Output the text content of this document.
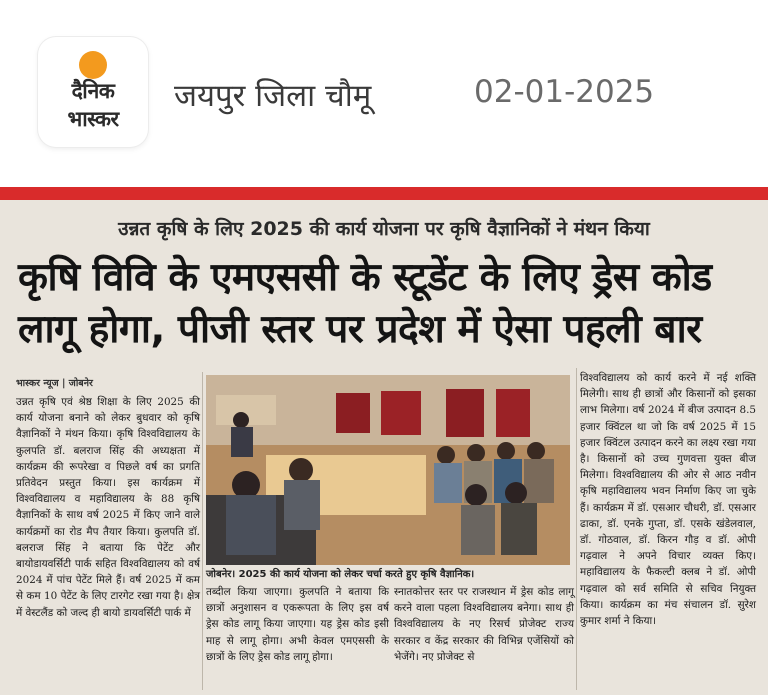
दैनिक
भास्कर
जयपुर जिला चौमू	02-01-2025
उन्नत कृषि के लिए 2025 की कार्य योजना पर कृषि वैज्ञानिकों ने मंथन किया
कृषि विवि के एमएससी के स्टूडेंट के लिए ड्रेस कोड
लागू होगा, पीजी स्तर पर प्रदेश में ऐसा पहली बार
भास्कर न्यूज | जोबनेर
उन्नत कृषि एवं श्रेष्ठ शिक्षा के लिए 2025 की कार्य योजना बनाने को लेकर बुधवार को कृषि वैज्ञानिकों ने मंथन किया। कृषि विश्वविद्यालय के कुलपति डॉ. बलराज सिंह की अध्यक्षता में कार्यक्रम की रूपरेखा व पिछले वर्ष का प्रगति प्रतिवेदन प्रस्तुत किया। इस कार्यक्रम में विश्वविद्यालय व महाविद्यालय के 88 कृषि वैज्ञानिकों के साथ वर्ष 2025 में किए जाने वाले कार्यक्रमों का रोड मैप तैयार किया। कुलपति डॉ. बलराज सिंह ने बताया कि पेटेंट और बायोडायवर्सिटी पार्क सहित विश्वविद्यालय को वर्ष 2024 में पांच पेटेंट मिले हैं। वर्ष 2025 में कम से कम 10 पेटेंट के लिए टारगेट रखा गया है। क्षेत्र में वेस्टलैंड को जल्द ही बायो डायवर्सिटी पार्क में
जोबनेर। 2025 की कार्य योजना को लेकर चर्चा करते हुए कृषि वैज्ञानिक।
तब्दील किया जाएगा। कुलपति ने बताया कि छात्रों अनुशासन व एकरूपता के लिए इस वर्ष ड्रेस कोड लागू किया जाएगा। यह ड्रेस कोड इसी माह से लागू होगा। अभी केवल एमएससी के छात्रों के लिए ड्रेस कोड लागू होगा।
स्नातकोत्तर स्तर पर राजस्थान में ड्रेस कोड लागू करने वाला पहला विश्वविद्यालय बनेगा। साथ ही विश्वविद्यालय के नए रिसर्च प्रोजेक्ट राज्य सरकार व केंद्र सरकार की विभिन्न एजेंसियों को भेजेंगे। नए प्रोजेक्ट से
विश्वविद्यालय को कार्य करने में नई शक्ति मिलेगी। साथ ही छात्रों और किसानों को इसका लाभ मिलेगा। वर्ष 2024 में बीज उत्पादन 8.5 हजार क्विंटल था जो कि वर्ष 2025 में 15 हजार क्विंटल उत्पादन करने का लक्ष्य रखा गया है। किसानों को उच्च गुणवत्ता युक्त बीज मिलेगा। विश्वविद्यालय की ओर से आठ नवीन कृषि महाविद्यालय भवन निर्माण किए जा चुके हैं। कार्यक्रम में डॉ. एसआर चौधरी, डॉ. एसआर ढाका, डॉ. एनके गुप्ता, डॉ. एसके खंडेलवाल, डॉ. गोठवाल, डॉ. किरन गौड़ व डॉ. ओपी गढ़वाल ने अपने विचार व्यक्त किए। महाविद्यालय के फैकल्टी क्लब ने डॉ. ओपी गढ़वाल को सर्व समिति से सचिव नियुक्त किया। कार्यक्रम का मंच संचालन डॉ. सुरेश कुमार शर्मा ने किया।
